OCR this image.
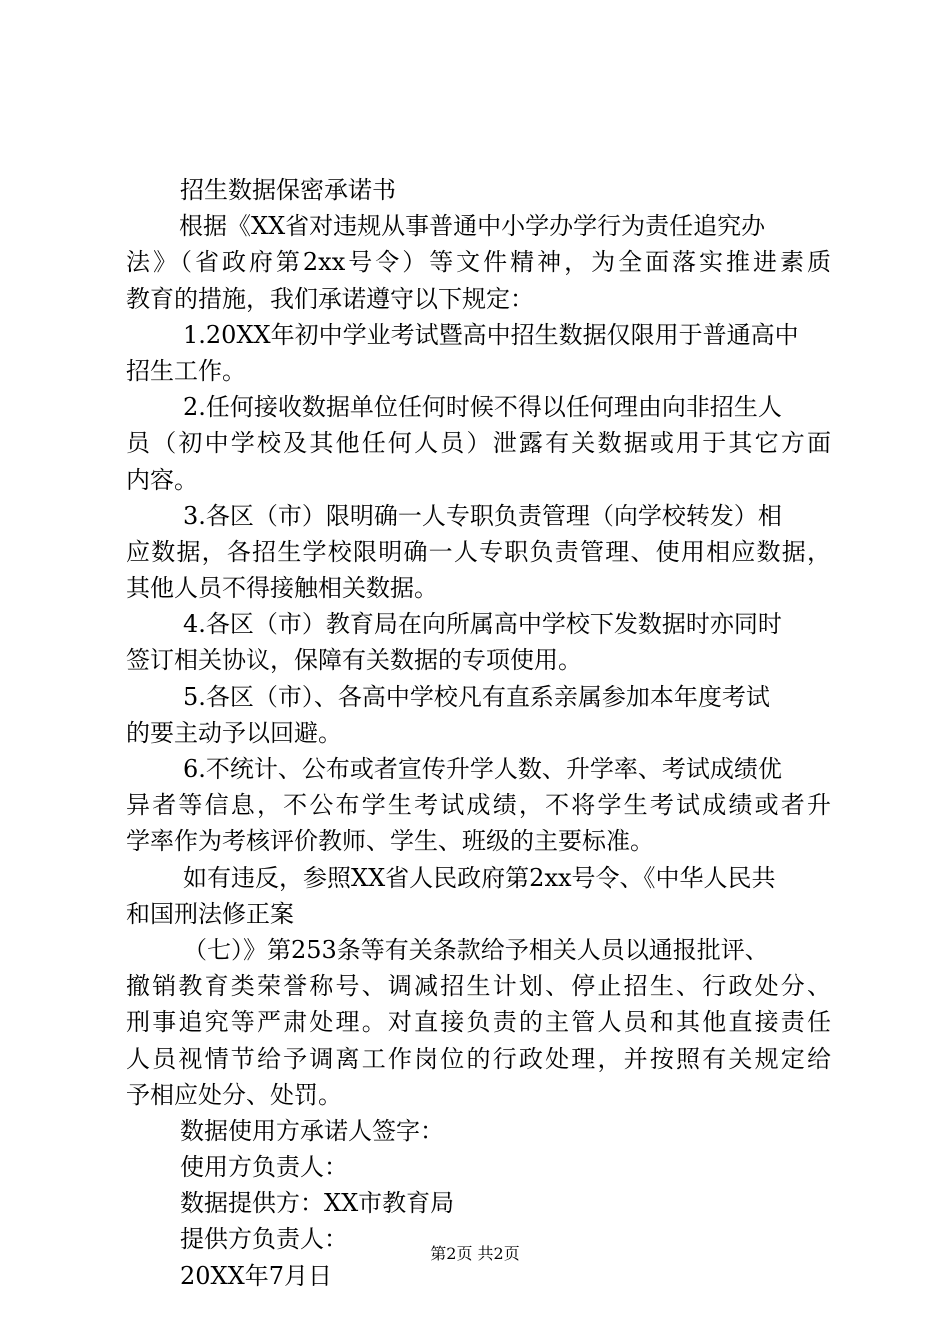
招生数据保密承诺书
根据《XX省对违规从事普通中小学办学行为责任追究办
法》（省政府第2xx号令）等文件精神，为全面落实推进素质
教育的措施，我们承诺遵守以下规定：
1.20XX年初中学业考试暨高中招生数据仅限用于普通高中
招生工作。
2.任何接收数据单位任何时候不得以任何理由向非招生人
员（初中学校及其他任何人员）泄露有关数据或用于其它方面
内容。
3.各区（市）限明确一人专职负责管理（向学校转发）相
应数据，各招生学校限明确一人专职负责管理、使用相应数据，
其他人员不得接触相关数据。
4.各区（市）教育局在向所属高中学校下发数据时亦同时
签订相关协议，保障有关数据的专项使用。
5.各区（市）、各高中学校凡有直系亲属参加本年度考试
的要主动予以回避。
6.不统计、公布或者宣传升学人数、升学率、考试成绩优
异者等信息，不公布学生考试成绩，不将学生考试成绩或者升
学率作为考核评价教师、学生、班级的主要标准。
如有违反，参照XX省人民政府第2xx号令、《中华人民共
和国刑法修正案
（七）》第253条等有关条款给予相关人员以通报批评、
撤销教育类荣誉称号、调减招生计划、停止招生、行政处分、
刑事追究等严肃处理。对直接负责的主管人员和其他直接责任
人员视情节给予调离工作岗位的行政处理，并按照有关规定给
予相应处分、处罚。
数据使用方承诺人签字：
使用方负责人：
数据提供方：XX市教育局
提供方负责人：
20XX年7月日
第2页 共2页
